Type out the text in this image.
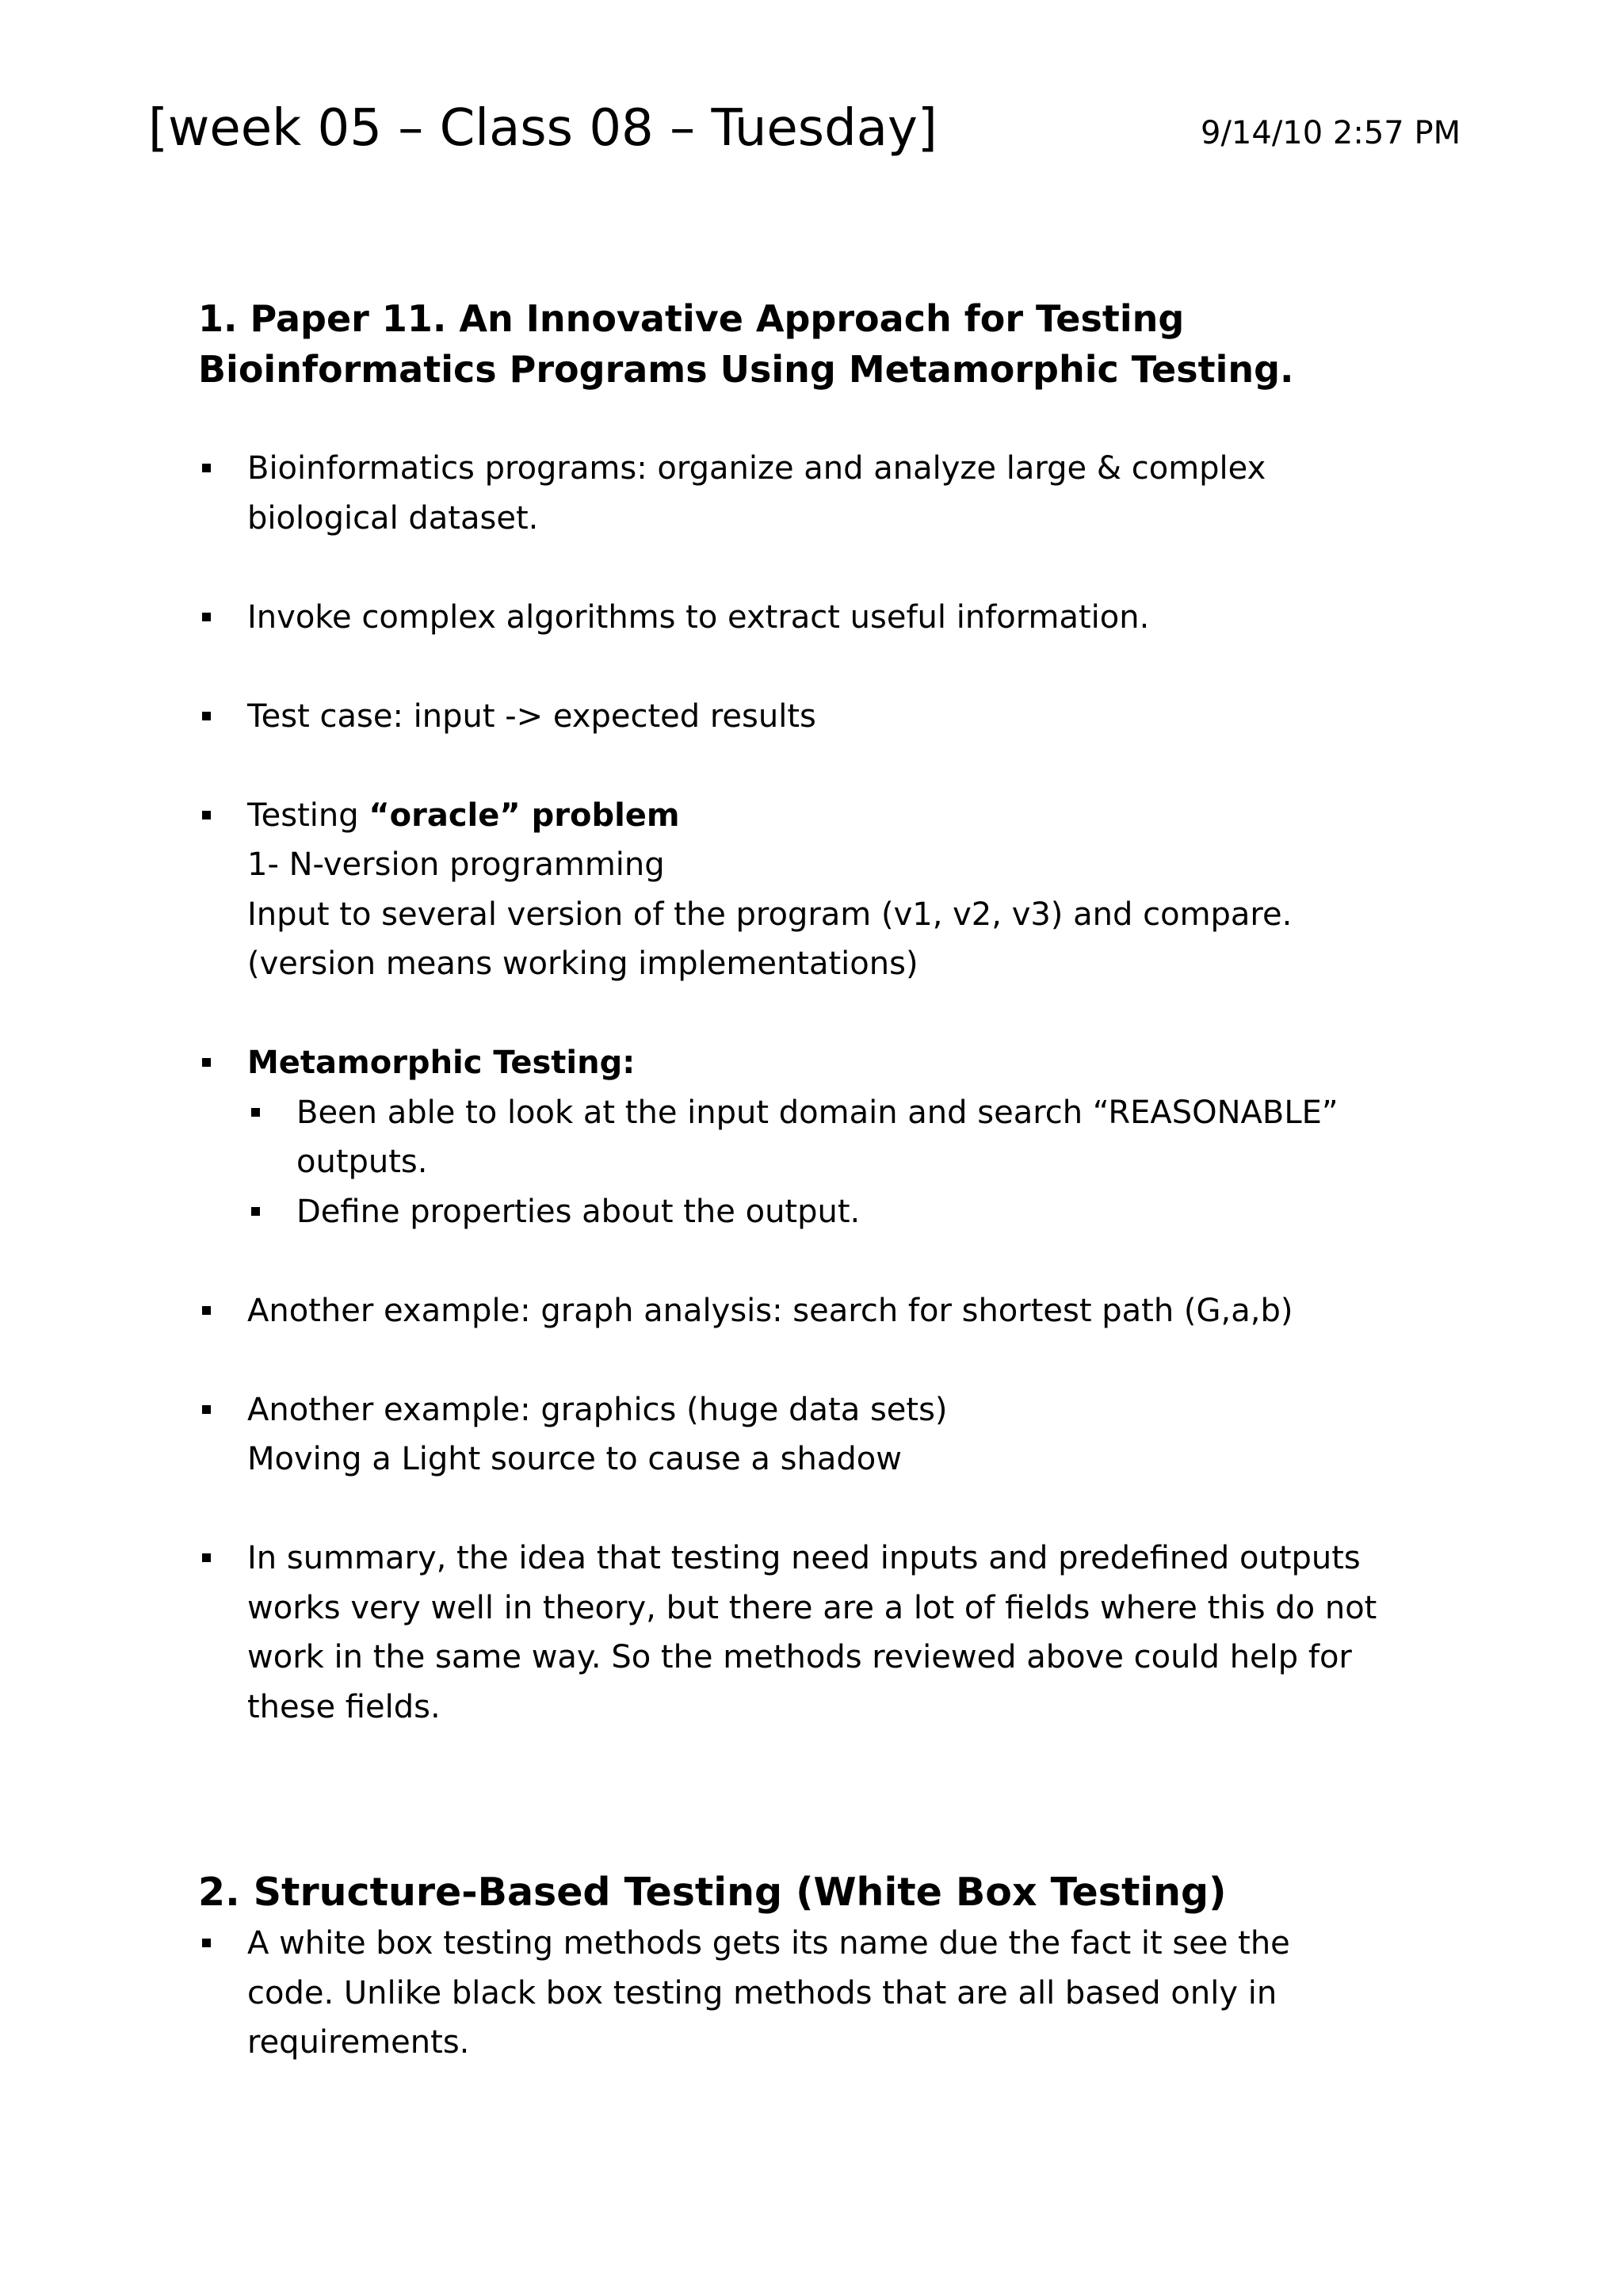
[week 05 – Class 08 – Tuesday]	9/14/10 2:57 PM
1. Paper 11. An Innovative Approach for Testing
Bioinformatics Programs Using Metamorphic Testing.
Bioinformatics programs: organize and analyze large & complex
biological dataset.
Invoke complex algorithms to extract useful information.
Test case: input -> expected results
Testing “oracle” problem
1- N-version programming
Input to several version of the program (v1, v2, v3) and compare.
(version means working implementations)
Metamorphic Testing:
Been able to look at the input domain and search “REASONABLE”
outputs.
Define properties about the output.
Another example: graph analysis: search for shortest path (G,a,b)
Another example: graphics (huge data sets)
Moving a Light source to cause a shadow
In summary, the idea that testing need inputs and predefined outputs
works very well in theory, but there are a lot of fields where this do not
work in the same way. So the methods reviewed above could help for
these fields.
2. Structure-Based Testing (White Box Testing)
A white box testing methods gets its name due the fact it see the
code. Unlike black box testing methods that are all based only in
requirements.
